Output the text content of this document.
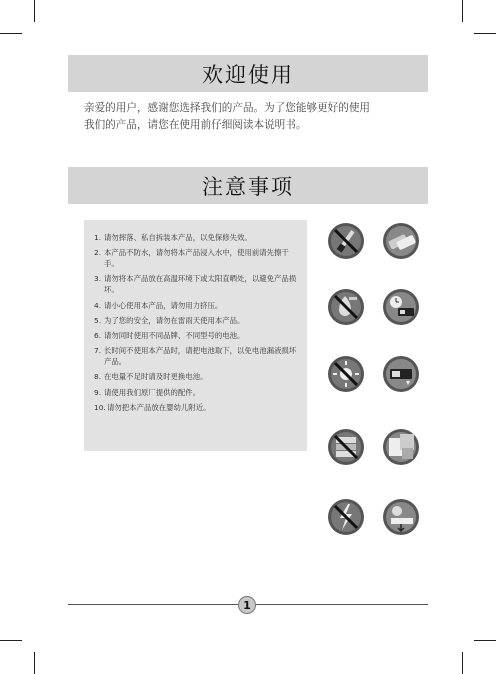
欢迎使用
亲爱的用户，感谢您选择我们的产品。为了您能够更好的使用
我们的产品，请您在使用前仔细阅读本说明书。
注意事项
1. 请勿摔落、私自拆装本产品，以免保修失效。
2. 本产品不防水，请勿将本产品浸入水中，使用前请先擦干手。
3. 请勿将本产品放在高温环境下或太阳直晒处，以避免产品损坏。
4. 请小心使用本产品，请勿用力挤压。
5. 为了您的安全，请勿在雷雨天使用本产品。
6. 请勿同时使用不同品牌、不同型号的电池。
7. 长时间不使用本产品时，请把电池取下，以免电池漏液损坏产品。
8. 在电量不足时请及时更换电池。
9. 请使用我们原厂提供的配件。
10. 请勿把本产品放在婴幼儿附近。
1
